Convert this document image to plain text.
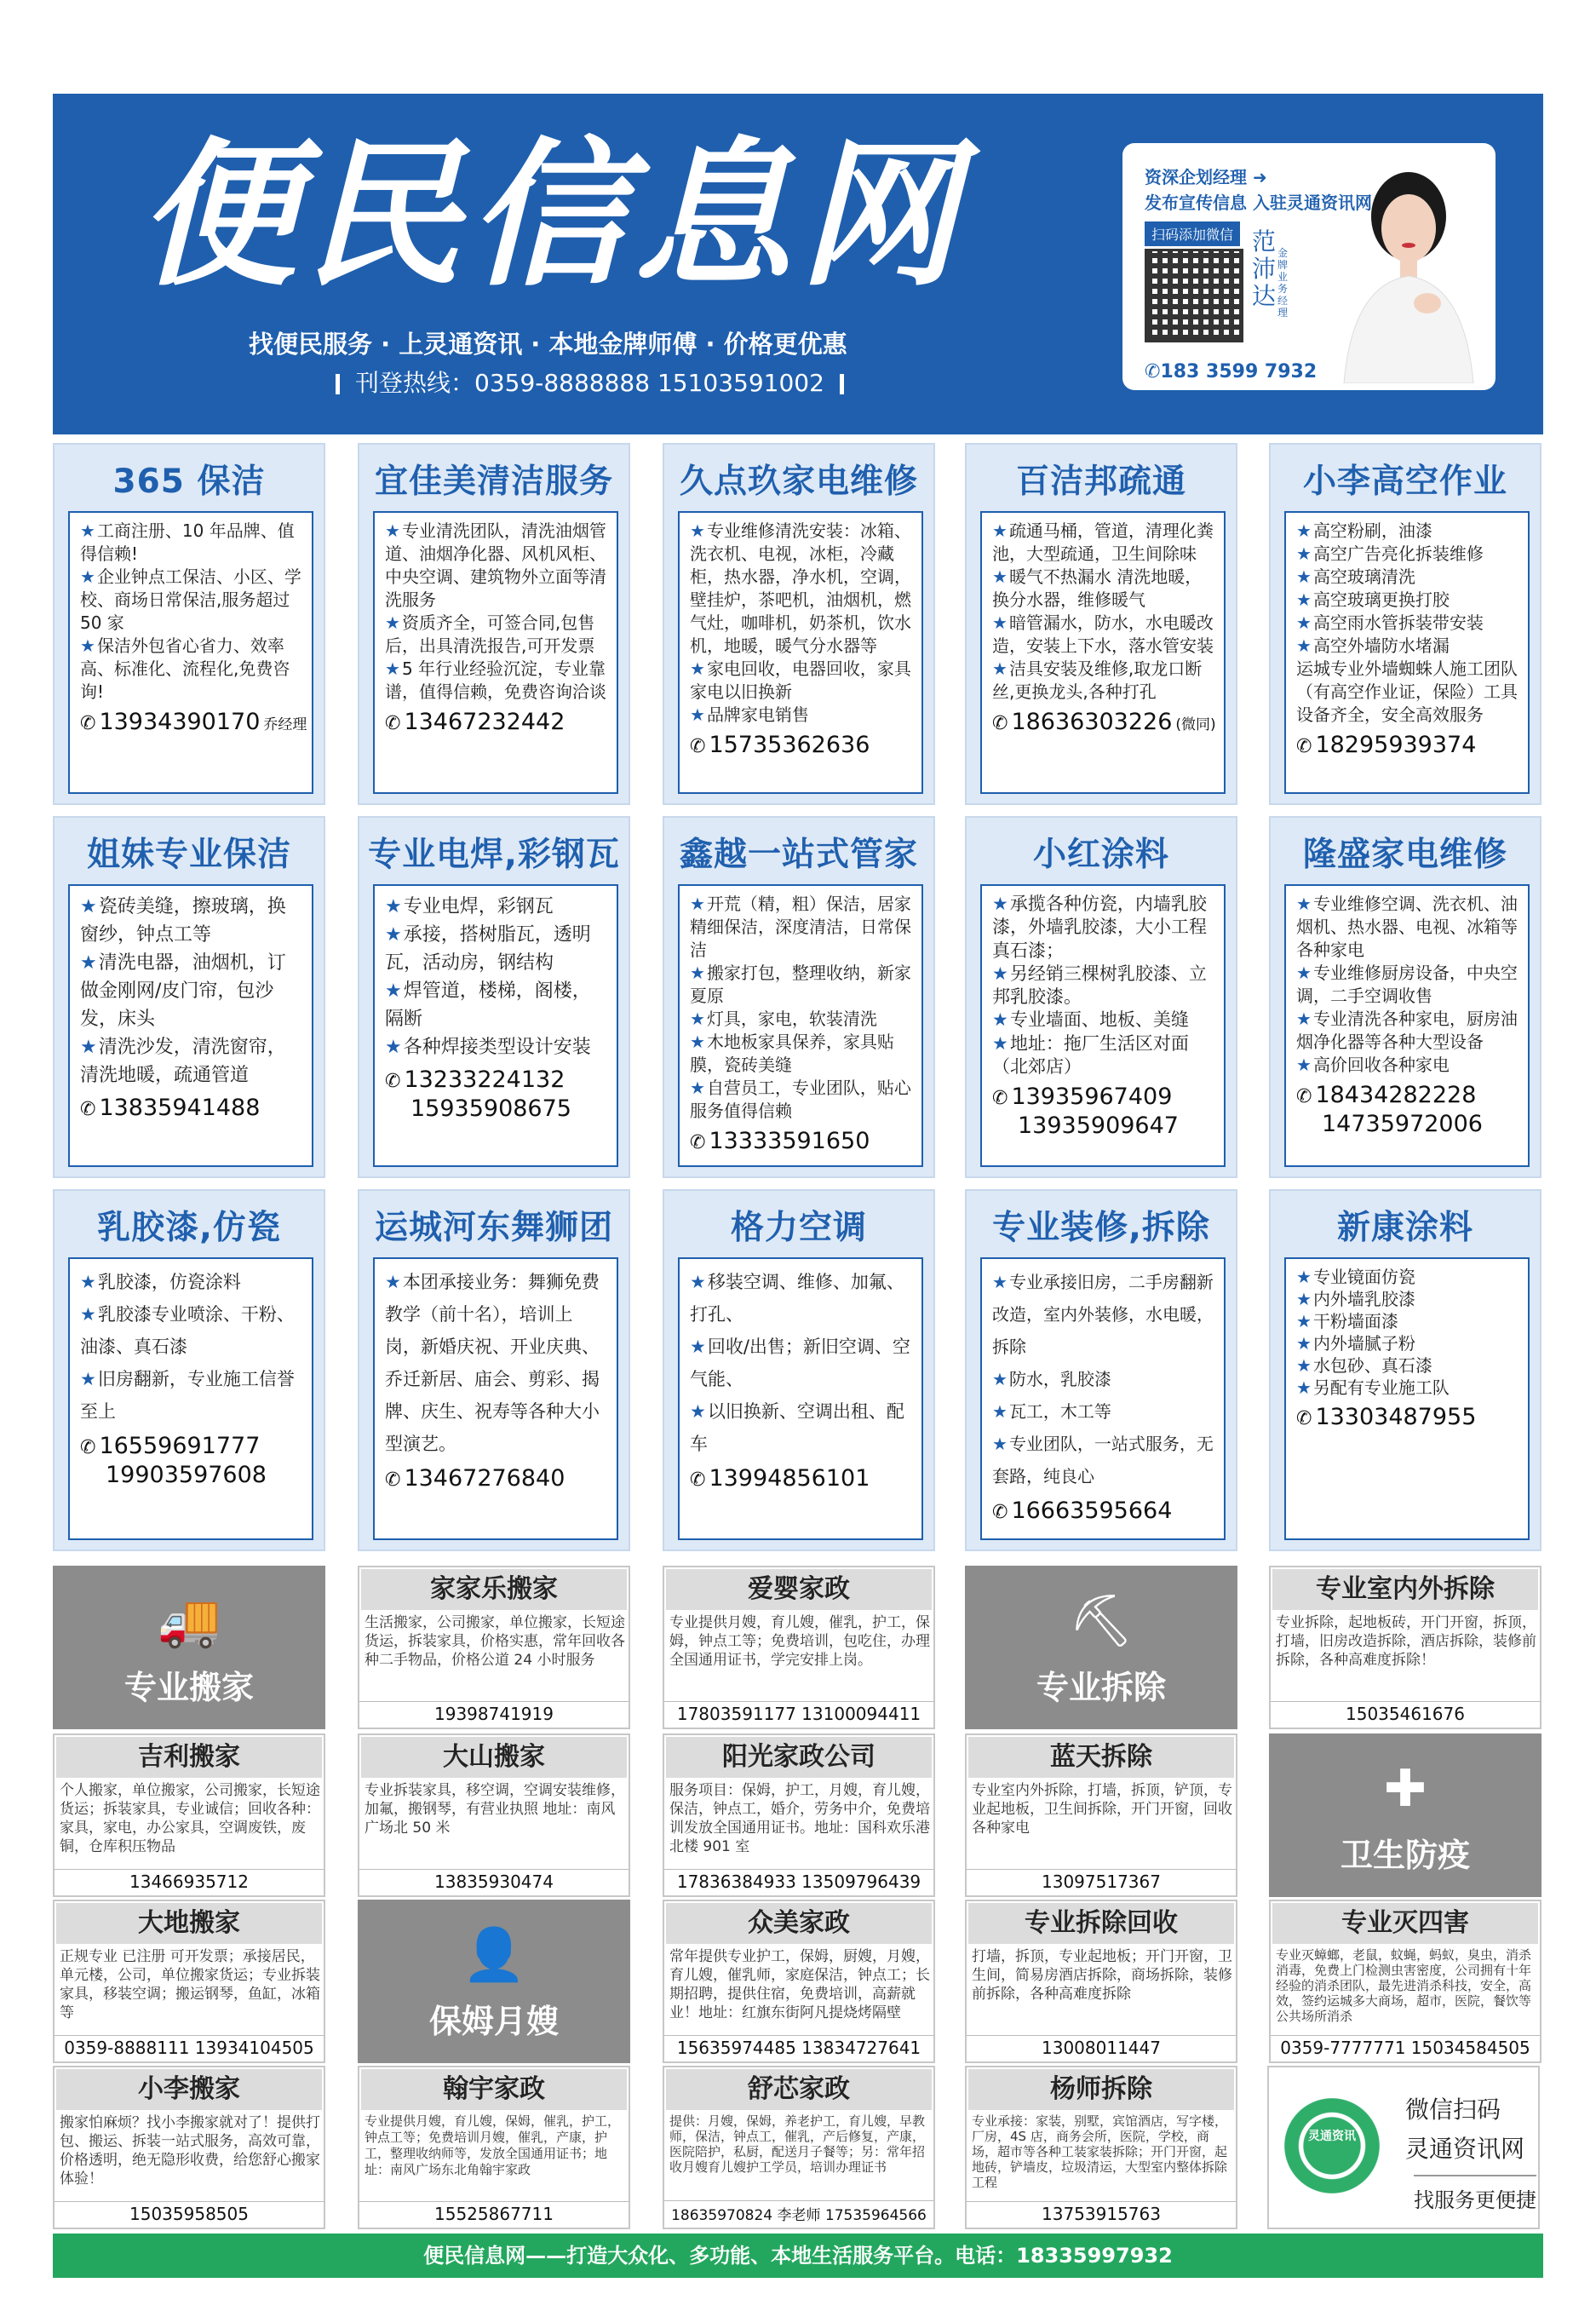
便民信息网
找便民服务 · 上灵通资讯 · 本地金牌师傅 · 价格更优惠
刊登热线：0359-8888888 15103591002
资深企划经理 ➜
发布宣传信息 入驻灵通资讯网
扫码添加微信 范沛达
金牌业务经理
✆183 3599 7932
365 保洁

★ 工商注册、10 年品牌、值得信赖!

★ 企业钟点工保洁、小区、学校、商场日常保洁,服务超过 50 家

★ 保洁外包省心省力、效率高、标准化、流程化,免费咨询!

✆ 13934390170 乔经理
宜佳美清洁服务

★ 专业清洗团队，清洗油烟管道、油烟净化器、风机风柜、中央空调、建筑物外立面等清洗服务

★ 资质齐全，可签合同,包售后，出具清洗报告,可开发票

★ 5 年行业经验沉淀，专业靠谱，值得信赖，免费咨询洽谈

✆ 13467232442
久点玖家电维修

★ 专业维修清洗安装：冰箱、洗衣机、电视，冰柜，冷藏柜，热水器，净水机，空调，壁挂炉，茶吧机，油烟机，燃气灶，咖啡机，奶茶机，饮水机，地暖，暖气分水器等

★ 家电回收，电器回收，家具家电以旧换新

★ 品牌家电销售

✆ 15735362636
百洁邦疏通

★ 疏通马桶，管道，清理化粪池，大型疏通，卫生间除味

★ 暖气不热漏水 清洗地暖，换分水器，维修暖气

★ 暗管漏水，防水，水电暖改造，安装上下水，落水管安装

★ 洁具安装及维修,取龙口断丝,更换龙头,各种打孔

✆ 18636303226 (微同)
小李高空作业

★ 高空粉刷，油漆

★ 高空广告亮化拆装维修

★ 高空玻璃清洗

★ 高空玻璃更换打胶

★ 高空雨水管拆装带安装

★ 高空外墙防水堵漏

运城专业外墙蜘蛛人施工团队（有高空作业证，保险）工具设备齐全，安全高效服务

✆ 18295939374
姐妹专业保洁

★瓷砖美缝，擦玻璃，换窗纱，钟点工等

★清洗电器，油烟机，订做金刚网/皮门帘，包沙发，床头

★清洗沙发，清洗窗帘，清洗地暖，疏通管道

✆ 13835941488
专业电焊,彩钢瓦

★专业电焊，彩钢瓦

★承接，搭树脂瓦，透明瓦，活动房，钢结构

★焊管道，楼梯，阁楼，隔断

★各种焊接类型设计安装

✆ 13233224132
15935908675
鑫越一站式管家

★ 开荒（精，粗）保洁，居家精细保洁，深度清洁，日常保洁

★ 搬家打包，整理收纳，新家夏原

★ 灯具，家电，软装清洗

★ 木地板家具保养，家具贴膜，瓷砖美缝

★ 自营员工，专业团队，贴心服务值得信赖

✆ 13333591650
小红涂料

★承揽各种仿瓷，内墙乳胶漆，外墙乳胶漆，大小工程真石漆；

★另经销三棵树乳胶漆、立邦乳胶漆。

★专业墙面、地板、美缝

★地址：拖厂生活区对面（北郊店）

✆ 13935967409
13935909647
隆盛家电维修

★ 专业维修空调、洗衣机、油烟机、热水器、电视、冰箱等各种家电

★ 专业维修厨房设备，中央空调，二手空调收售

★ 专业清洗各种家电，厨房油烟净化器等各种大型设备

★ 高价回收各种家电

✆ 18434282228
14735972006
乳胶漆,仿瓷

★乳胶漆，仿瓷涂料

★乳胶漆专业喷涂、干粉、油漆、真石漆

★旧房翻新，专业施工信誉至上

✆ 16559691777
19903597608
运城河东舞狮团

★本团承接业务：舞狮免费教学（前十名），培训上岗，新婚庆祝、开业庆典、乔迁新居、庙会、剪彩、揭牌、庆生、祝寿等各种大小型演艺。

✆ 13467276840
格力空调

★移装空调、维修、加氟、打孔、

★回收/出售；新旧空调、空气能、

★以旧换新、空调出租、配车

✆ 13994856101
专业装修,拆除

★ 专业承接旧房，二手房翻新改造，室内外装修，水电暖，拆除

★ 防水，乳胶漆

★ 瓦工，木工等

★ 专业团队，一站式服务，无套路，纯良心

✆ 16663595664
新康涂料

★ 专业镜面仿瓷

★ 内外墙乳胶漆

★ 干粉墙面漆

★ 内外墙腻子粉

★ 水包砂、真石漆

★ 另配有专业施工队

✆ 13303487955
🚚
专业搬家
⛏
专业拆除
✚
卫生防疫
👤
保姆月嫂
家家乐搬家
生活搬家，公司搬家，单位搬家，长短途货运，拆装家具，价格实惠，常年回收各种二手物品，价格公道 24 小时服务
19398741919
爱婴家政
专业提供月嫂，育儿嫂，催乳，护工，保姆，钟点工等；免费培训，包吃住，办理全国通用证书，学完安排上岗。
17803591177 13100094411
专业室内外拆除
专业拆除，起地板砖，开门开窗，拆顶，打墙，旧房改造拆除，酒店拆除，装修前拆除，各种高难度拆除！
15035461676
吉利搬家
个人搬家，单位搬家，公司搬家，长短途货运；拆装家具，专业诚信；回收各种：家具，家电，办公家具，空调废铁，废铜，仓库积压物品
13466935712
大山搬家
专业拆装家具，移空调，空调安装维修，加氟，搬钢琴，有营业执照 地址：南风广场北 50 米
13835930474
阳光家政公司
服务项目：保姆，护工，月嫂，育儿嫂，保洁，钟点工，婚介，劳务中介，免费培训发放全国通用证书。地址：国科欢乐港北楼 901 室
17836384933 13509796439
蓝天拆除
专业室内外拆除，打墙，拆顶，铲顶，专业起地板，卫生间拆除，开门开窗，回收各种家电
13097517367
大地搬家
正规专业 已注册 可开发票；承接居民，单元楼，公司，单位搬家货运；专业拆装家具，移装空调；搬运钢琴，鱼缸，冰箱等
0359-8888111 13934104505
众美家政
常年提供专业护工，保姆，厨嫂，月嫂，育儿嫂，催乳师，家庭保洁，钟点工；长期招聘，提供住宿，免费培训，高薪就业！地址：红旗东街阿凡提烧烤隔壁
15635974485 13834727641
专业拆除回收
打墙，拆顶，专业起地板；开门开窗，卫生间，简易房酒店拆除，商场拆除，装修前拆除，各种高难度拆除
13008011447
专业灭四害
专业灭蟑螂，老鼠，蚊蝇，蚂蚁，臭虫，消杀消毒，免费上门检测虫害密度，公司拥有十年经验的消杀团队，最先进消杀科技，安全，高效，签约运城多大商场，超市，医院，餐饮等公共场所消杀
0359-7777771 15034584505
小李搬家
搬家怕麻烦？找小李搬家就对了！提供打包、搬运、拆装一站式服务，高效可靠，价格透明，绝无隐形收费，给您舒心搬家体验！
15035958505
翰宇家政
专业提供月嫂，育儿嫂，保姆，催乳，护工，钟点工等；免费培训月嫂，催乳，产康，护工，整理收纳师等，发放全国通用证书；地址：南风广场东北角翰宇家政
15525867711
舒芯家政
提供：月嫂，保姆，养老护工，育儿嫂，早教师，保洁，钟点工，催乳，产后修复，产康，医院陪护，私厨，配送月子餐等；另：常年招收月嫂育儿嫂护工学员，培训办理证书
18635970824 李老师 17535964566
杨师拆除
专业承接：家装，别墅，宾馆酒店，写字楼，厂房，4S 店，商务会所，医院，学校，商场，超市等各种工装家装拆除；开门开窗，起地砖，铲墙皮，垃圾清运，大型室内整体拆除工程
13753915763
灵通资讯
微信扫码
灵通资讯网
找服务更便捷
便民信息网——打造大众化、多功能、本地生活服务平台。电话：18335997932
